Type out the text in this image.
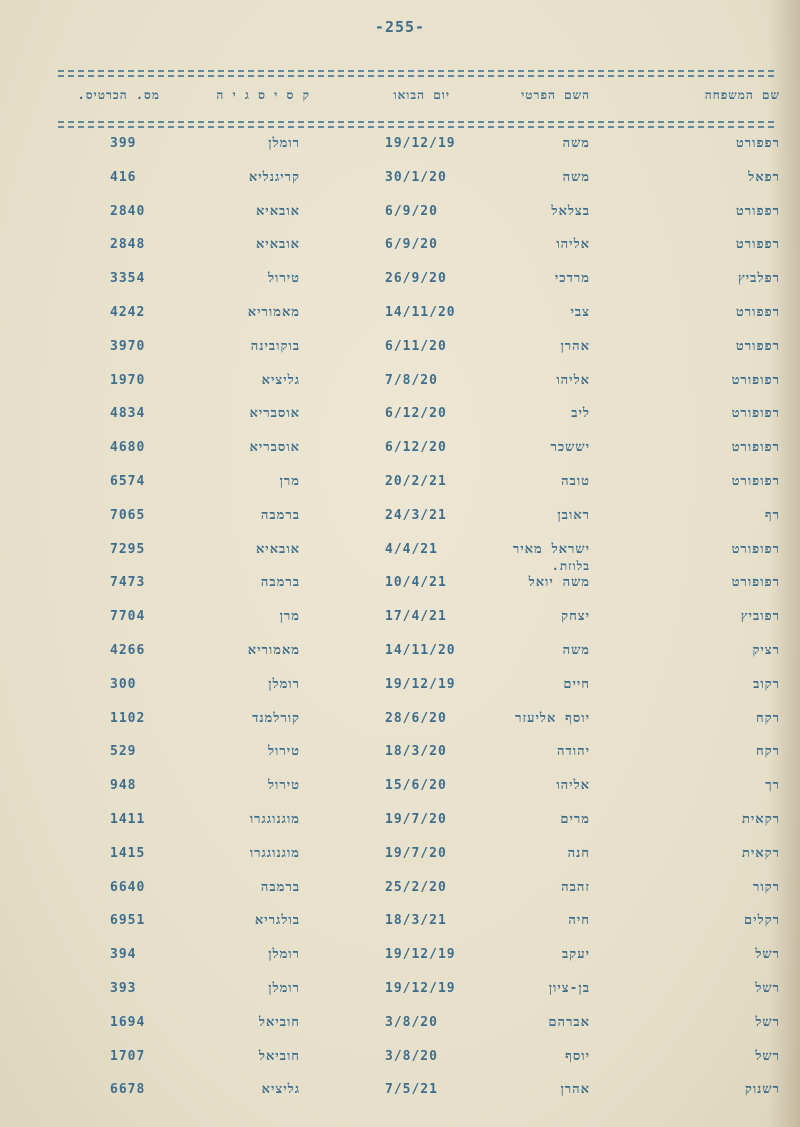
-255-
שם המשפחה
השם הפרטי
יום הבואו
ק ס י ס ג י ה
מס. הכרטיס.
רפפורט
משה
19/12/19
רומלן
399
רפאל
משה
30/1/20
קריגנליא
416
רפפורט
בצלאל
6/9/20
אובאיא
2840
רפפורט
אליהו
6/9/20
אובאיא
2848
רפלביץ
מרדכי
26/9/20
טירול
3354
רפפורט
צבי
14/11/20
מאמוריא
4242
רפפורט
אהרן
6/11/20
בוקובינה
3970
רפופורט
אליהו
7/8/20
גליציא
1970
רפופורט
ליב
6/12/20
אוסבריא
4834
רפופורט
יששכר
6/12/20
אוסבריא
4680
רפופורט
טובה
20/2/21
מרן
6574
רף
ראובן
24/3/21
ברמבה
7065
רפופורט
ישראל מאיר
בלוזת.
4/4/21
אובאיא
7295
רפופורט
משה יואל
10/4/21
ברמבה
7473
רפוביץ
יצחק
17/4/21
מרן
7704
רציק
משה
14/11/20
מאמוריא
4266
רקוב
חיים
19/12/19
רומלן
300
רקח
יוסף אליעזר
28/6/20
קורלמנד
1102
רקח
יהודה
18/3/20
טירול
529
רך
אליהו
15/6/20
טירול
948
רקאית
מרים
19/7/20
מוגנוגגרו
1411
רקאית
חנה
19/7/20
מוגנוגגרו
1415
רקור
זהבה
25/2/20
ברמבה
6640
רקלים
חיה
18/3/21
בולגריא
6951
רשל
יעקב
19/12/19
רומלן
394
רשל
בן-ציון
19/12/19
רומלן
393
רשל
אברהם
3/8/20
חוביאל
1694
רשל
יוסף
3/8/20
חוביאל
1707
רשנוק
אהרן
7/5/21
גליציא
6678
